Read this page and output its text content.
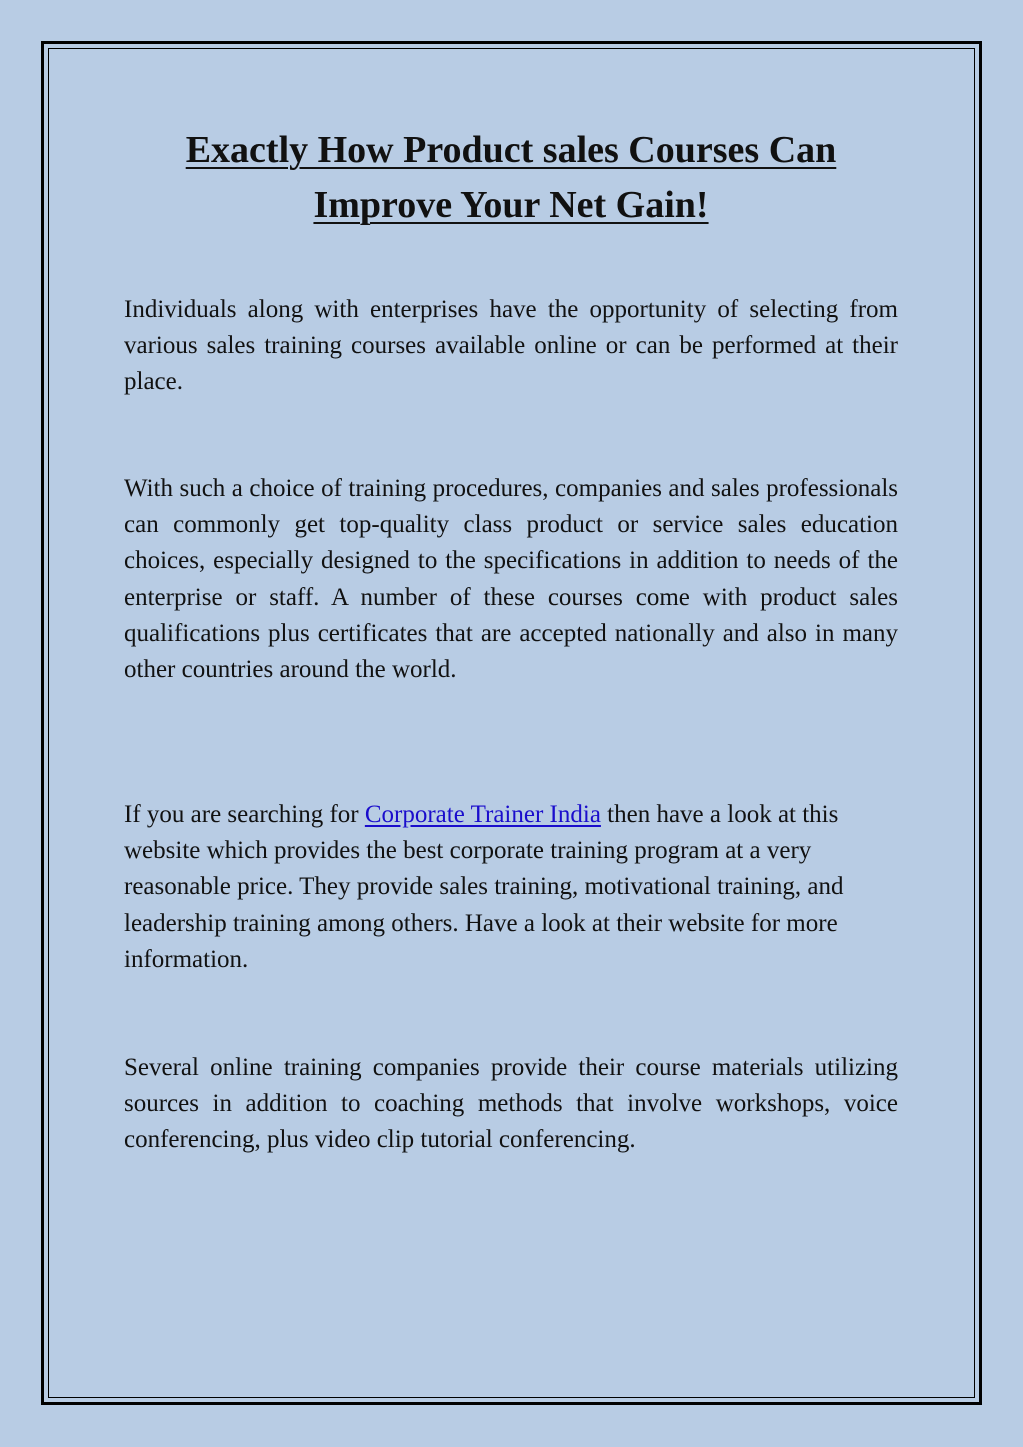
Exactly How Product sales Courses Can Improve Your Net Gain!

Individuals along with enterprises have the opportunity of selecting from various sales training courses available online or can be performed at their place.

With such a choice of training procedures, companies and sales professionals can commonly get top-quality class product or service sales education choices, especially designed to the specifications in addition to needs of the enterprise or staff. A number of these courses come with product sales qualifications plus certificates that are accepted nationally and also in many other countries around the world.

If you are searching for Corporate Trainer India then have a look at this website which provides the best corporate training program at a very reasonable price. They provide sales training, motivational training, and leadership training among others. Have a look at their website for more information.

Several online training companies provide their course materials utilizing sources in addition to coaching methods that involve workshops, voice conferencing, plus video clip tutorial conferencing.
